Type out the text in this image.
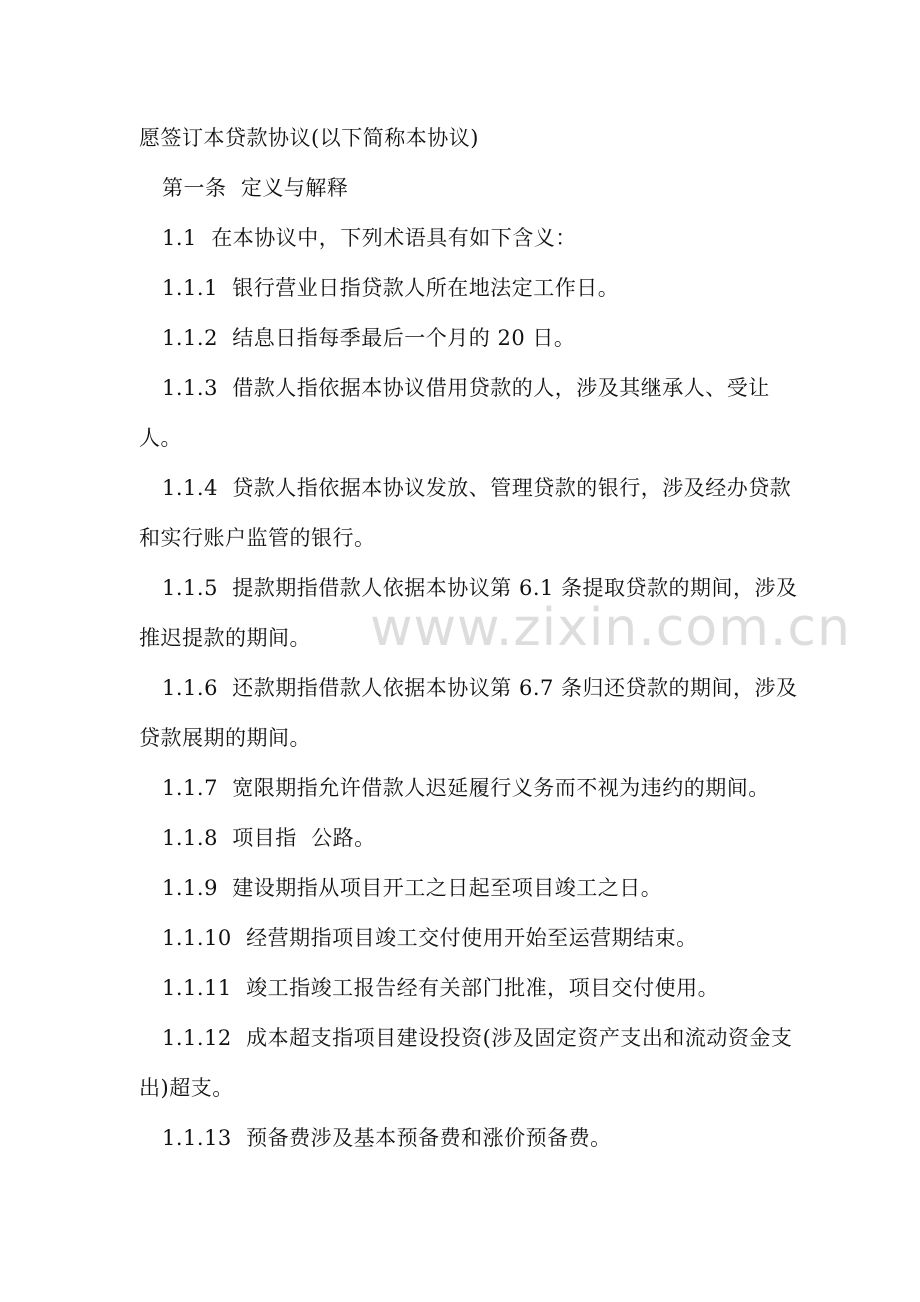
愿签订本贷款协议(以下简称本协议)

第一条  定义与解释

1.1  在本协议中，下列术语具有如下含义：

1.1.1  银行营业日指贷款人所在地法定工作日。

1.1.2  结息日指每季最后一个月的 20 日。

1.1.3  借款人指依据本协议借用贷款的人，涉及其继承人、受让人。

1.1.4  贷款人指依据本协议发放、管理贷款的银行，涉及经办贷款和实行账户监管的银行。

1.1.5  提款期指借款人依据本协议第 6.1 条提取贷款的期间，涉及推迟提款的期间。

1.1.6  还款期指借款人依据本协议第 6.7 条归还贷款的期间，涉及贷款展期的期间。

1.1.7  宽限期指允许借款人迟延履行义务而不视为违约的期间。

1.1.8  项目指  公路。

1.1.9  建设期指从项目开工之日起至项目竣工之日。

1.1.10  经营期指项目竣工交付使用开始至运营期结束。

1.1.11  竣工指竣工报告经有关部门批准，项目交付使用。

1.1.12  成本超支指项目建设投资(涉及固定资产支出和流动资金支出)超支。

1.1.13  预备费涉及基本预备费和涨价预备费。

www.zixin.com.cn
